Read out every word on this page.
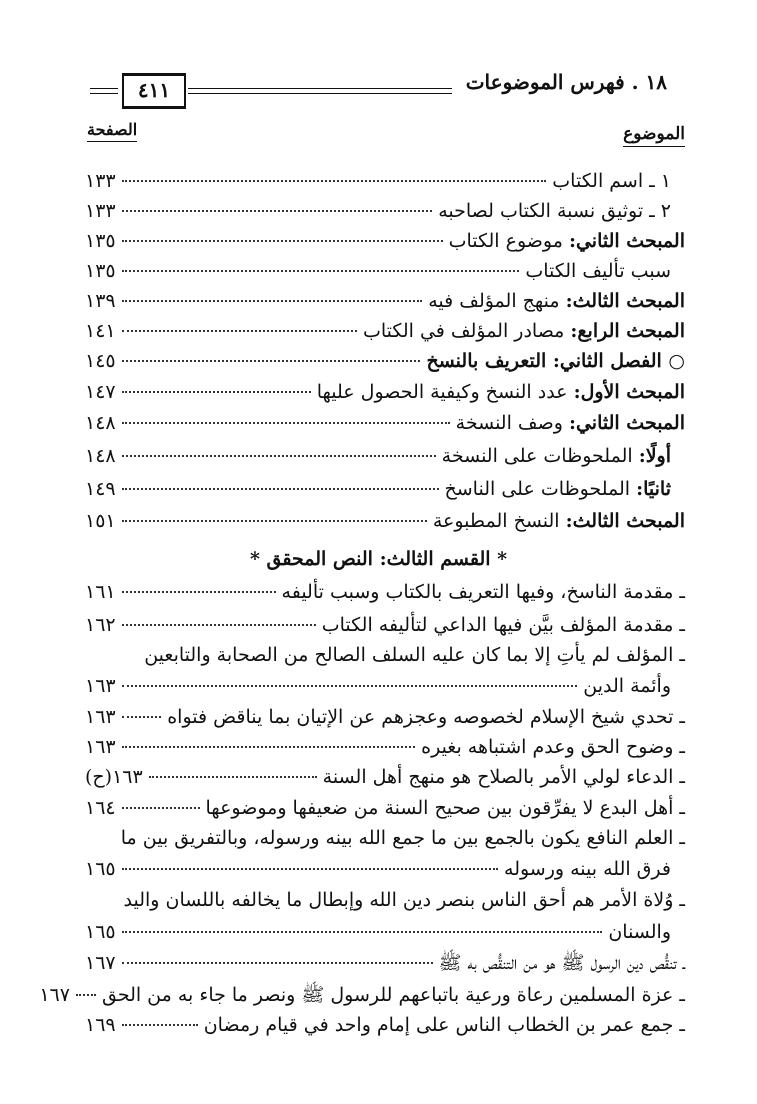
١٨ . فهرس الموضوعات
٤١١
الموضوع
الصفحة
١ ـ اسم الكتاب
١٣٣
٢ ـ توثيق نسبة الكتاب لصاحبه
١٣٣
المبحث الثاني: موضوع الكتاب
١٣٥
سبب تأليف الكتاب
١٣٥
المبحث الثالث: منهج المؤلف فيه
١٣٩
المبحث الرابع: مصادر المؤلف في الكتاب
١٤١
○ الفصل الثاني: التعريف بالنسخ
١٤٥
المبحث الأول: عدد النسخ وكيفية الحصول عليها
١٤٧
المبحث الثاني: وصف النسخة
١٤٨
أولًا: الملحوظات على النسخة
١٤٨
ثانيًا: الملحوظات على الناسخ
١٤٩
المبحث الثالث: النسخ المطبوعة
١٥١
* القسم الثالث: النص المحقق *
ـ مقدمة الناسخ، وفيها التعريف بالكتاب وسبب تأليفه
١٦١
ـ مقدمة المؤلف بيَّن فيها الداعي لتأليفه الكتاب
١٦٢
ـ المؤلف لم يأتِ إلا بما كان عليه السلف الصالح من الصحابة والتابعين
وأئمة الدين
١٦٣
ـ تحدي شيخ الإسلام لخصوصه وعجزهم عن الإتيان بما يناقض فتواه
١٦٣
ـ وضوح الحق وعدم اشتباهه بغيره
١٦٣
ـ الدعاء لولي الأمر بالصلاح هو منهج أهل السنة
١٦٣(ح)
ـ أهل البدع لا يفرِّقون بين صحيح السنة من ضعيفها وموضوعها
١٦٤
ـ العلم النافع يكون بالجمع بين ما جمع الله بينه ورسوله، وبالتفريق بين ما
فرق الله بينه ورسوله
١٦٥
ـ وُلاة الأمر هم أحق الناس بنصر دين الله وإبطال ما يخالفه باللسان واليد
والسنان
١٦٥
ـ تنقُّص دين الرسول ﷺ هو من التنقُّص به ﷺ
١٦٧
ـ عزة المسلمين رعاة ورعية باتباعهم للرسول ﷺ ونصر ما جاء به من الحق
١٦٧
ـ جمع عمر بن الخطاب الناس على إمام واحد في قيام رمضان
١٦٩
